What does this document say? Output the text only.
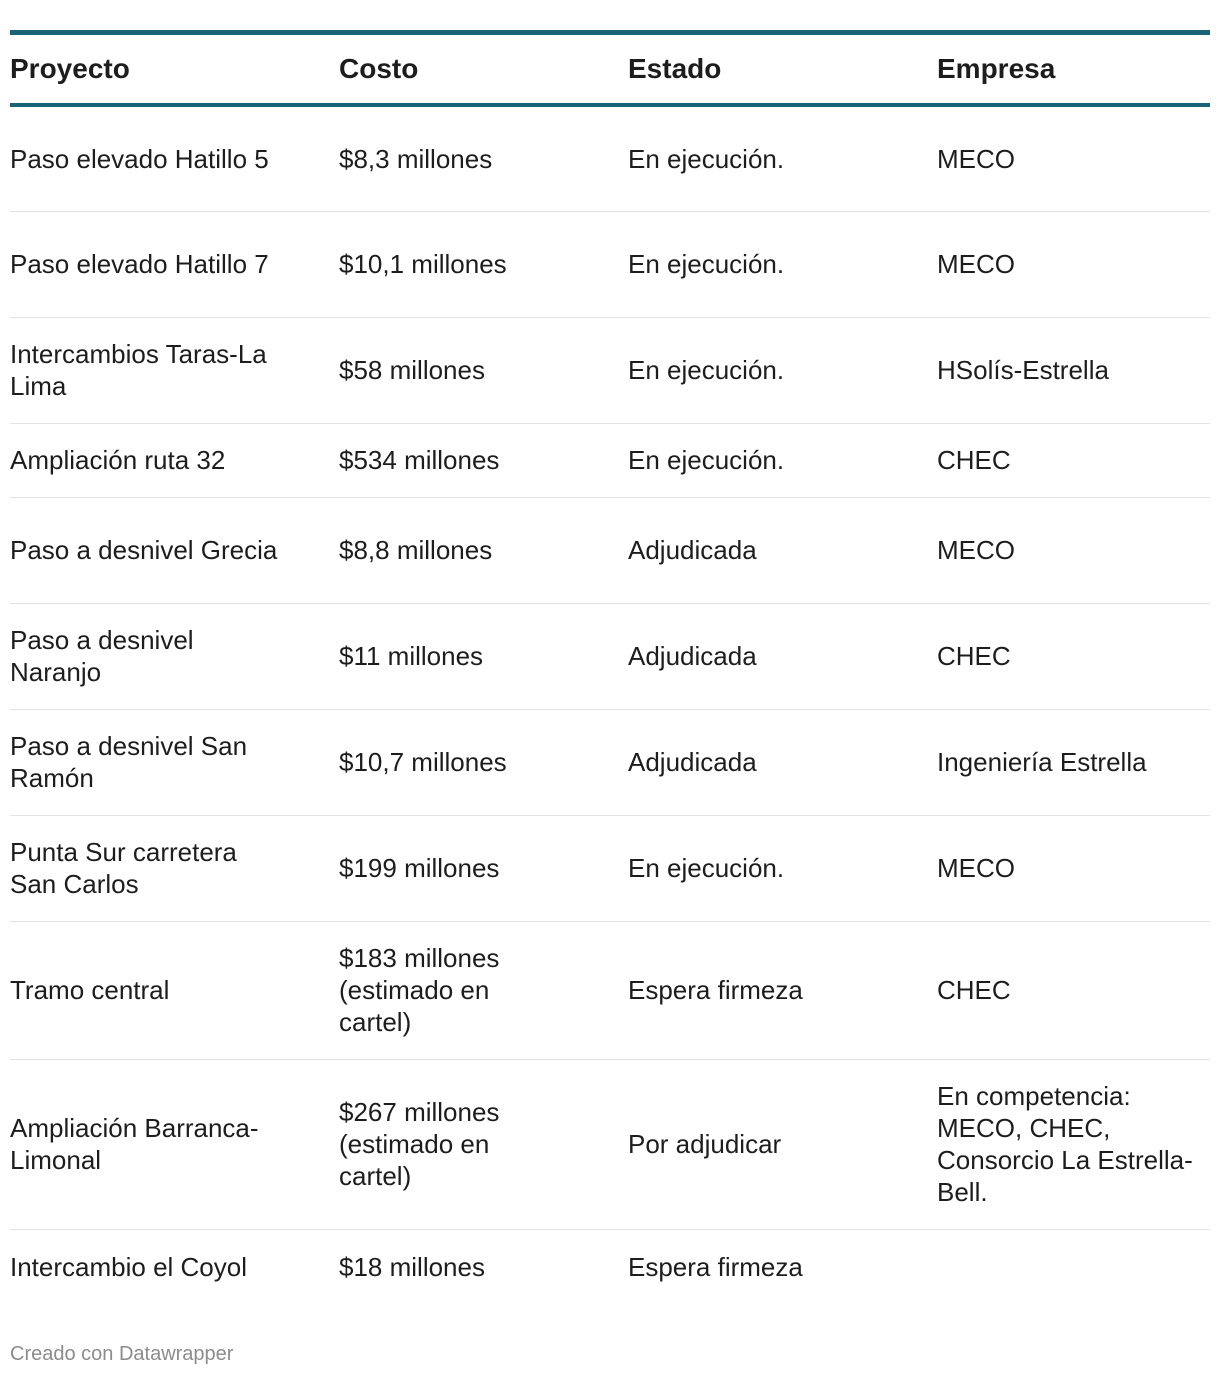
Proyecto	Costo	Estado	Empresa
Paso elevado Hatillo 5	$8,3 millones	En ejecución.	MECO
Paso elevado Hatillo 7	$10,1 millones	En ejecución.	MECO
Intercambios Taras-La Lima	$58 millones	En ejecución.	HSolís-Estrella
Ampliación ruta 32	$534 millones	En ejecución.	CHEC
Paso a desnivel Grecia	$8,8 millones	Adjudicada	MECO
Paso a desnivel Naranjo	$11 millones	Adjudicada	CHEC
Paso a desnivel San Ramón	$10,7 millones	Adjudicada	Ingeniería Estrella
Punta Sur carretera San Carlos	$199 millones	En ejecución.	MECO
Tramo central	$183 millones (estimado en cartel)	Espera firmeza	CHEC
Ampliación Barranca-Limonal	$267 millones (estimado en cartel)	Por adjudicar	En competencia: MECO, CHEC, Consorcio La Estrella-Bell.
Intercambio el Coyol	$18 millones	Espera firmeza	
Creado con Datawrapper
